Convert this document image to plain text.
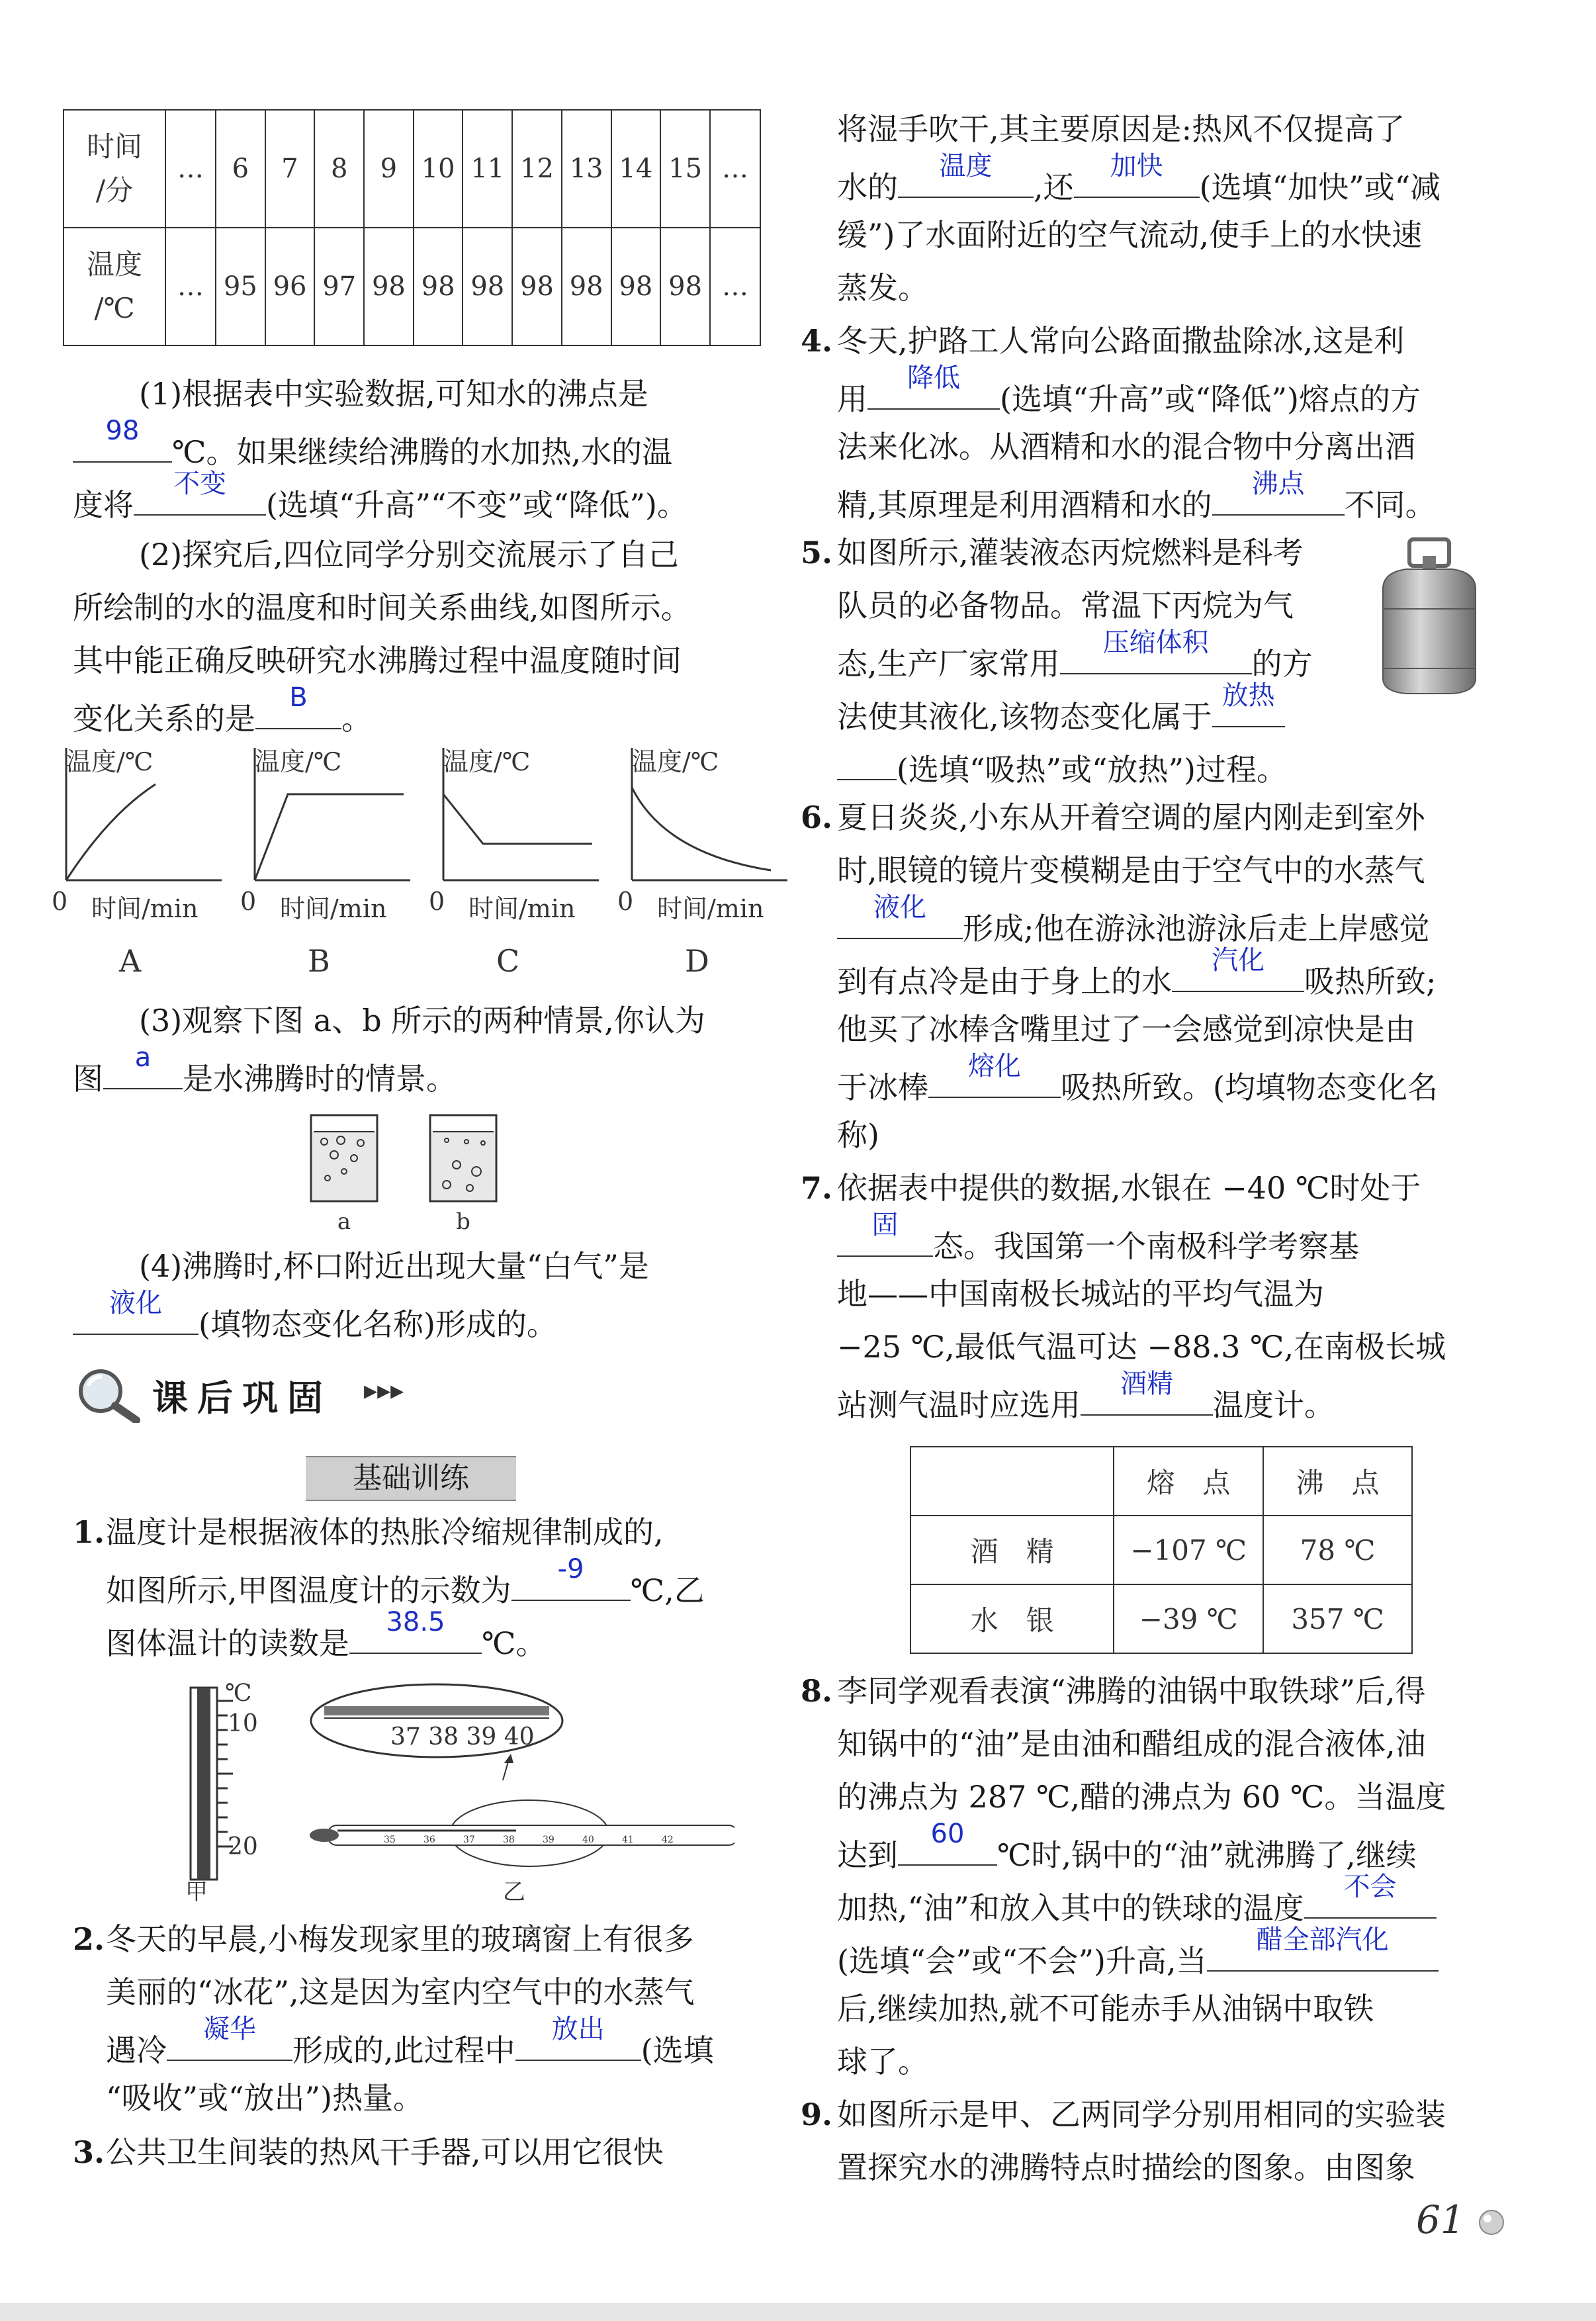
时间
/分	…	6	7	8	9	10	11	12	13	14	15	…
温度
/℃	…	95	96	97	98	98	98	98	98	98	98	…
(1)根据表中实验数据,可知水的沸点是
98
℃。如果继续给沸腾的水加热,水的温
度将
不变
(选填“升高”“不变”或“降低”)。
(2)探究后,四位同学分别交流展示了自己
所绘制的水的温度和时间关系曲线,如图所示。
其中能正确反映研究水沸腾过程中温度随时间
变化关系的是
B
。
温度/℃
0 时间/min
A
温度/℃
0 时间/min
B
温度/℃
0 时间/min
C
温度/℃
0 时间/min
D
(3)观察下图 a、b 所示的两种情景,你认为
图
a
是水沸腾时的情景。
a	b
(4)沸腾时,杯口附近出现大量“白气”是
液化
(填物态变化名称)形成的。
课后巩固 ▸▸▸
基础训练
1. 温度计是根据液体的热胀冷缩规律制成的,
如图所示,甲图温度计的示数为
-9
℃,乙
图体温计的读数是
38.5
℃。
℃
10
20
甲
37 38 39 40
35	36	37	38	39	40	41	42
乙
2. 冬天的早晨,小梅发现家里的玻璃窗上有很多
美丽的“冰花”,这是因为室内空气中的水蒸气
遇冷
凝华
形成的,此过程中
放出
(选填
“吸收”或“放出”)热量。
3. 公共卫生间装的热风干手器,可以用它很快
将湿手吹干,其主要原因是:热风不仅提高了
水的
温度
,还
加快
(选填“加快”或“减
缓”)了水面附近的空气流动,使手上的水快速
蒸发。
4. 冬天,护路工人常向公路面撒盐除冰,这是利
用
降低
(选填“升高”或“降低”)熔点的方
法来化冰。从酒精和水的混合物中分离出酒
精,其原理是利用酒精和水的
沸点
不同。
5. 如图所示,灌装液态丙烷燃料是科考
队员的必备物品。常温下丙烷为气
态,生产厂家常用
压缩体积
的方
法使其液化,该物态变化属于
放热
(选填“吸热”或“放热”)过程。
6. 夏日炎炎,小东从开着空调的屋内刚走到室外
时,眼镜的镜片变模糊是由于空气中的水蒸气
液化
形成;他在游泳池游泳后走上岸感觉
到有点冷是由于身上的水
汽化
吸热所致;
他买了冰棒含嘴里过了一会感觉到凉快是由
于冰棒
熔化
吸热所致。(均填物态变化名
称)
7. 依据表中提供的数据,水银在 −40 ℃时处于
固
态。我国第一个南极科学考察基
地——中国南极长城站的平均气温为
−25 ℃,最低气温可达 −88.3 ℃,在南极长城
站测气温时应选用
酒精
温度计。
	熔　点	沸　点
酒　精	−107 ℃	78 ℃
水　银	−39 ℃	357 ℃
8. 李同学观看表演“沸腾的油锅中取铁球”后,得
知锅中的“油”是由油和醋组成的混合液体,油
的沸点为 287 ℃,醋的沸点为 60 ℃。当温度
达到
60
℃时,锅中的“油”就沸腾了,继续
加热,“油”和放入其中的铁球的温度
不会
(选填“会”或“不会”)升高,当
醋全部汽化
后,继续加热,就不可能赤手从油锅中取铁
球了。
9. 如图所示是甲、乙两同学分别用相同的实验装
置探究水的沸腾特点时描绘的图象。由图象
61
